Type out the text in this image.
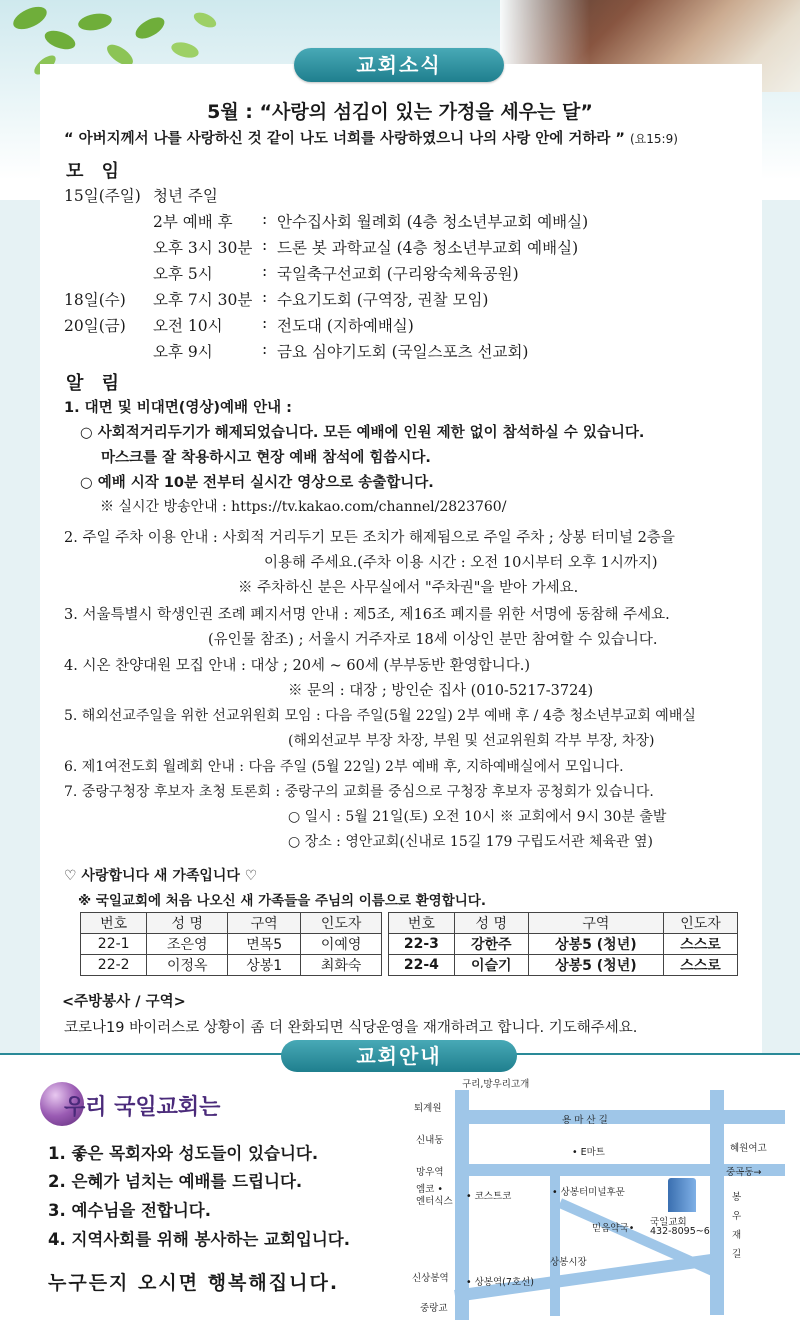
교회소식
5월 : “사랑의 섬김이 있는 가정을 세우는 달”
“ 아버지께서 나를 사랑하신 것 같이 나도 너희를 사랑하였으니 나의 사랑 안에 거하라 ” (요15:9)
모 임
15일(주일) 청년 주일
2부 예배 후 : 안수집사회 월례회 (4층 청소년부교회 예배실)
오후 3시 30분 : 드론 봇 과학교실 (4층 청소년부교회 예배실)
오후 5시	: 국일축구선교회 (구리왕숙체육공원)
18일(수) 오후 7시 30분 : 수요기도회 (구역장, 권찰 모임)
20일(금) 오전 10시	: 전도대 (지하예배실)
오후 9시	: 금요 심야기도회 (국일스포츠 선교회)
알 림
1. 대면 및 비대면(영상)예배 안내 :
○ 사회적거리두기가 해제되었습니다. 모든 예배에 인원 제한 없이 참석하실 수 있습니다.
마스크를 잘 착용하시고 현장 예배 참석에 힘씁시다.
○ 예배 시작 10분 전부터 실시간 영상으로 송출합니다.
※ 실시간 방송안내 : https://tv.kakao.com/channel/2823760/
2. 주일 주차 이용 안내 : 사회적 거리두기 모든 조치가 해제됨으로 주일 주차 ; 상봉 터미널 2층을
이용해 주세요.(주차 이용 시간 : 오전 10시부터 오후 1시까지)
※ 주차하신 분은 사무실에서 "주차권"을 받아 가세요.
3. 서울특별시 학생인권 조례 폐지서명 안내 : 제5조, 제16조 폐지를 위한 서명에 동참해 주세요.
(유인물 참조) ; 서울시 거주자로 18세 이상인 분만 참여할 수 있습니다.
4. 시온 찬양대원 모집 안내 : 대상 ; 20세 ~ 60세 (부부동반 환영합니다.)
※ 문의 : 대장 ; 방인순 집사 (010-5217-3724)
5. 해외선교주일을 위한 선교위원회 모임 : 다음 주일(5월 22일) 2부 예배 후 / 4층 청소년부교회 예배실
(해외선교부 부장 차장, 부원 및 선교위원회 각부 부장, 차장)
6. 제1여전도회 월례회 안내 : 다음 주일 (5월 22일) 2부 예배 후, 지하예배실에서 모입니다.
7. 중랑구청장 후보자 초청 토론회 : 중랑구의 교회를 중심으로 구청장 후보자 공청회가 있습니다.
○ 일시 : 5월 21일(토) 오전 10시 ※ 교회에서 9시 30분 출발
○ 장소 : 영안교회(신내로 15길 179 구립도서관 체육관 옆)
♡ 사랑합니다 새 가족입니다 ♡
※ 국일교회에 처음 나오신 새 가족들을 주님의 이름으로 환영합니다.
번호	성 명	구역	인도자
22-1	조은영	면목5	이예영
22-2	이정옥	상봉1	최화숙
번호	성 명	구역	인도자
22-3	강한주	상봉5 (청년)	스스로
22-4	이슬기	상봉5 (청년)	스스로
<주방봉사 / 구역>
코로나19 바이러스로 상황이 좀 더 완화되면 식당운영을 재개하려고 합니다. 기도해주세요.
교회안내
우리 국일교회는
1. 좋은 목회자와 성도들이 있습니다.
2. 은혜가 넘치는 예배를 드립니다.
3. 예수님을 전합니다.
4. 지역사회를 위해 봉사하는 교회입니다.
누구든지 오시면 행복해집니다.
구리,망우리고개
퇴계원
용 마 산 길
신내동
혜원여고
• E마트
망우역	중곡동→
엠코 •
엔터식스 • 코스트코	• 상봉터미널후문
국일교회
432-8095~6
봉
우
재
길
믿음약국•
상봉시장
신상봉역 • 상봉역(7호선)
중랑교
